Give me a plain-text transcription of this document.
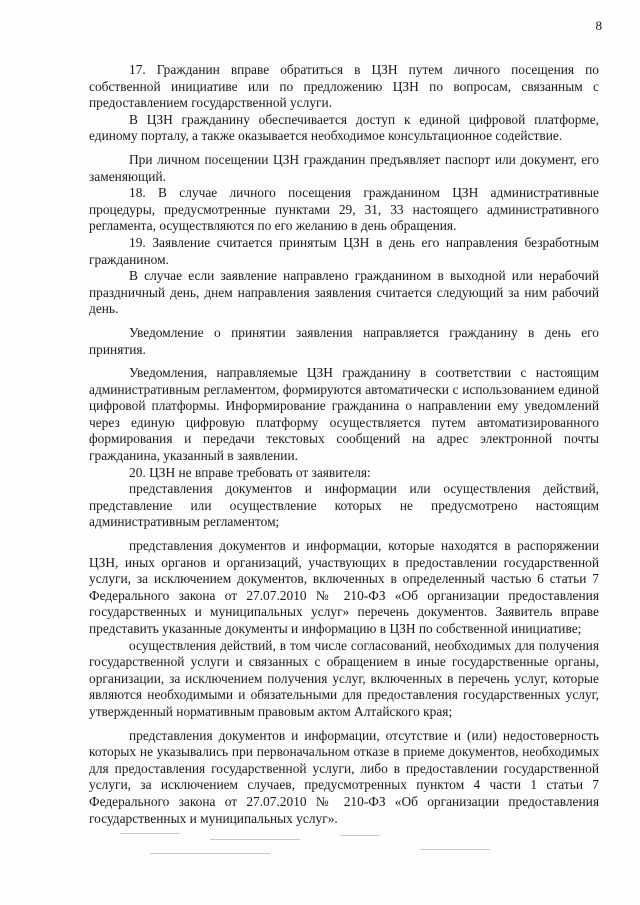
8

17. Гражданин вправе обратиться в ЦЗН путем личного посещения по собственной инициативе или по предложению ЦЗН по вопросам, связанным с предоставлением государственной услуги.

В ЦЗН гражданину обеспечивается доступ к единой цифровой платформе, единому порталу, а также оказывается необходимое консультационное содействие.

При личном посещении ЦЗН гражданин предъявляет паспорт или документ, его заменяющий.

18. В случае личного посещения гражданином ЦЗН административные процедуры, предусмотренные пунктами 29, 31, 33 настоящего административного регламента, осуществляются по его желанию в день обращения.

19. Заявление считается принятым ЦЗН в день его направления безработным гражданином.

В случае если заявление направлено гражданином в выходной или нерабочий праздничный день, днем направления заявления считается следующий за ним рабочий день.

Уведомление о принятии заявления направляется гражданину в день его принятия.

Уведомления, направляемые ЦЗН гражданину в соответствии с настоящим административным регламентом, формируются автоматически с использованием единой цифровой платформы. Информирование гражданина о направлении ему уведомлений через единую цифровую платформу осуществляется путем автоматизированного формирования и передачи текстовых сообщений на адрес электронной почты гражданина, указанный в заявлении.

20. ЦЗН не вправе требовать от заявителя:

представления документов и информации или осуществления действий, представление или осуществление которых не предусмотрено настоящим административным регламентом;

представления документов и информации, которые находятся в распоряжении ЦЗН, иных органов и организаций, участвующих в предоставлении государственной услуги, за исключением документов, включенных в определенный частью 6 статьи 7 Федерального закона от 27.07.2010 № 210-ФЗ «Об организации предоставления государственных и муниципальных услуг» перечень документов. Заявитель вправе представить указанные документы и информацию в ЦЗН по собственной инициативе;

осуществления действий, в том числе согласований, необходимых для получения государственной услуги и связанных с обращением в иные государственные органы, организации, за исключением получения услуг, включенных в перечень услуг, которые являются необходимыми и обязательными для предоставления государственных услуг, утвержденный нормативным правовым актом Алтайского края;

представления документов и информации, отсутствие и (или) недостоверность которых не указывались при первоначальном отказе в приеме документов, необходимых для предоставления государственной услуги, либо в предоставлении государственной услуги, за исключением случаев, предусмотренных пунктом 4 части 1 статьи 7 Федерального закона от 27.07.2010 № 210-ФЗ «Об организации предоставления государственных и муниципальных услуг».
